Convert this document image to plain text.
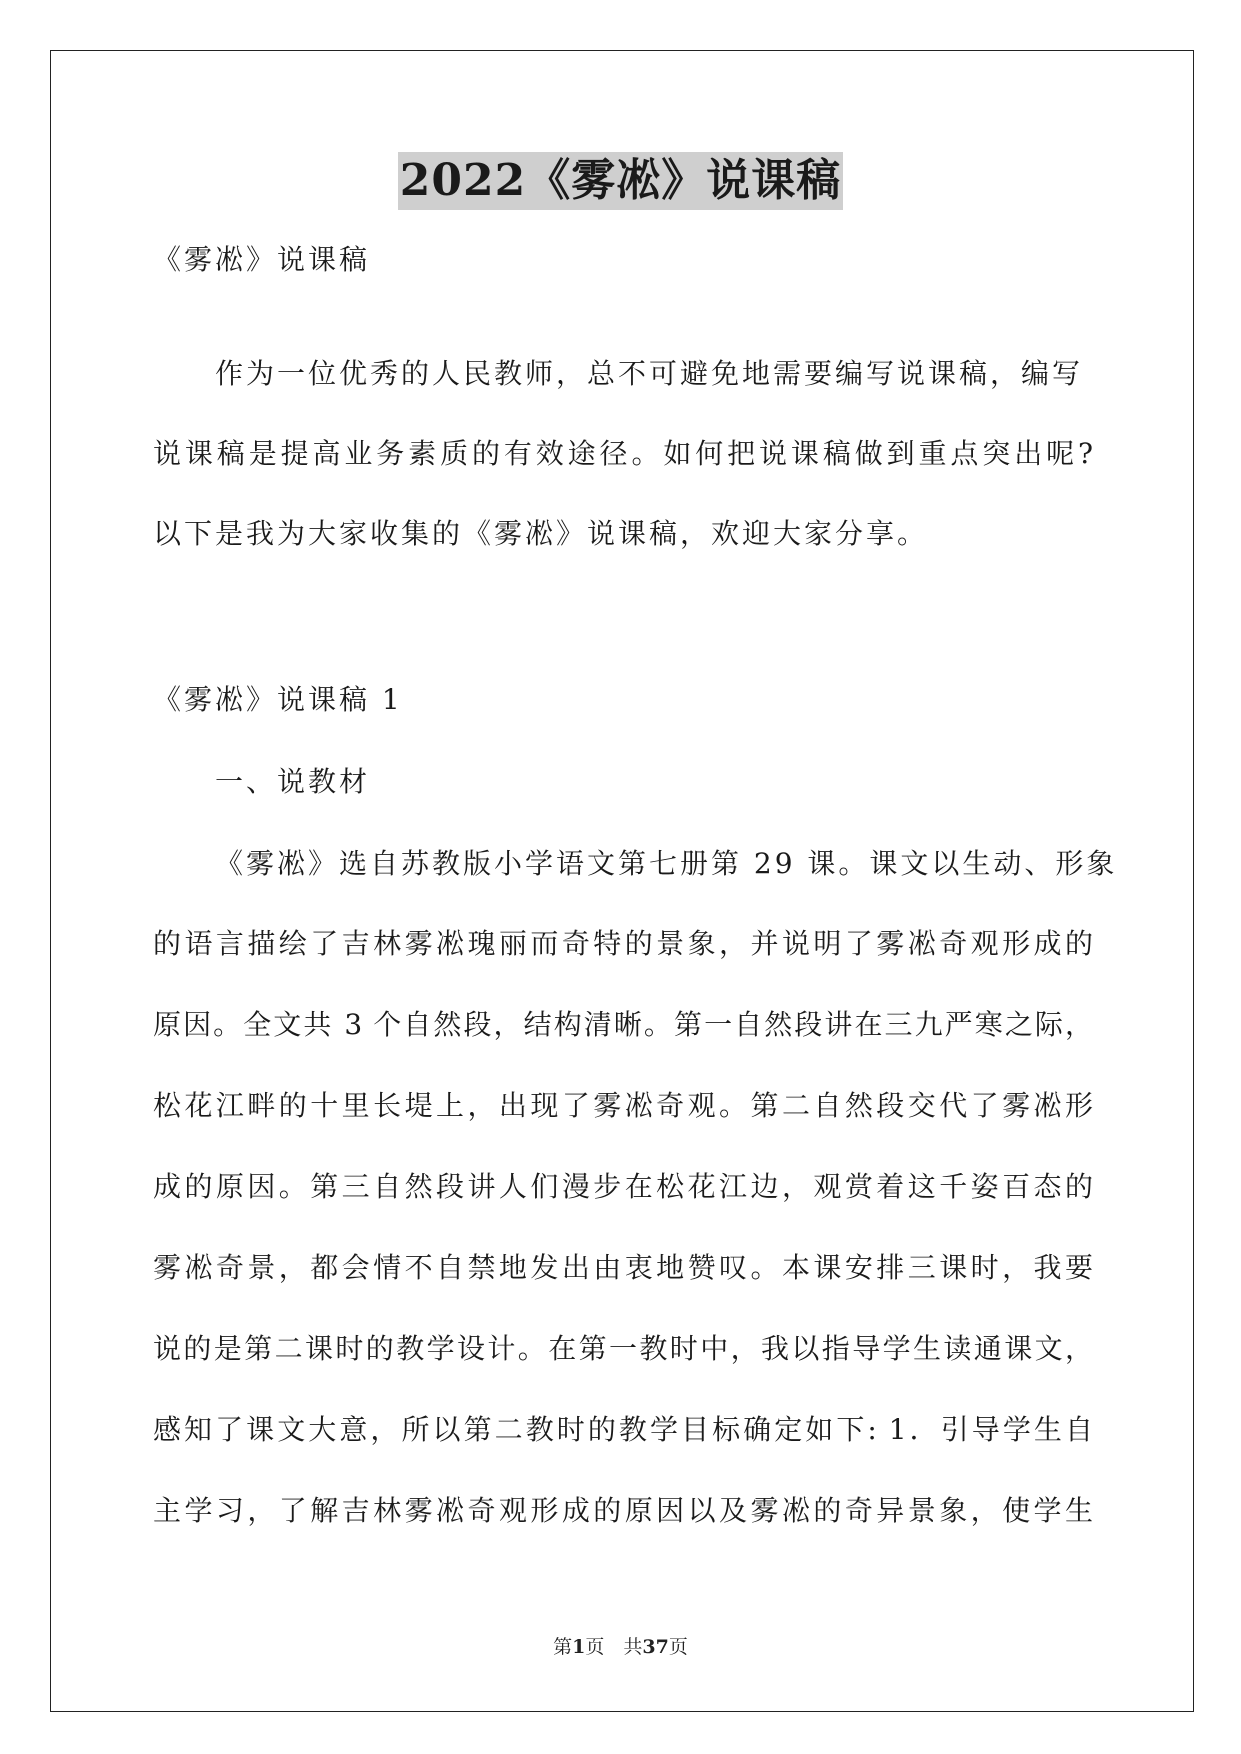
2022《雾凇》说课稿
《雾凇》说课稿
作为一位优秀的人民教师，总不可避免地需要编写说课稿，编写
说课稿是提高业务素质的有效途径。如何把说课稿做到重点突出呢?
以下是我为大家收集的《雾凇》说课稿，欢迎大家分享。
《雾凇》说课稿 1
一、说教材
《雾凇》选自苏教版小学语文第七册第 29 课。课文以生动、形象
的语言描绘了吉林雾凇瑰丽而奇特的景象，并说明了雾凇奇观形成的
原因。全文共 3 个自然段，结构清晰。第一自然段讲在三九严寒之际，
松花江畔的十里长堤上，出现了雾凇奇观。第二自然段交代了雾凇形
成的原因。第三自然段讲人们漫步在松花江边，观赏着这千姿百态的
雾凇奇景，都会情不自禁地发出由衷地赞叹。本课安排三课时，我要
说的是第二课时的教学设计。在第一教时中，我以指导学生读通课文，
感知了课文大意，所以第二教时的教学目标确定如下: 1．引导学生自
主学习，了解吉林雾凇奇观形成的原因以及雾凇的奇异景象，使学生
第1页　共37页
